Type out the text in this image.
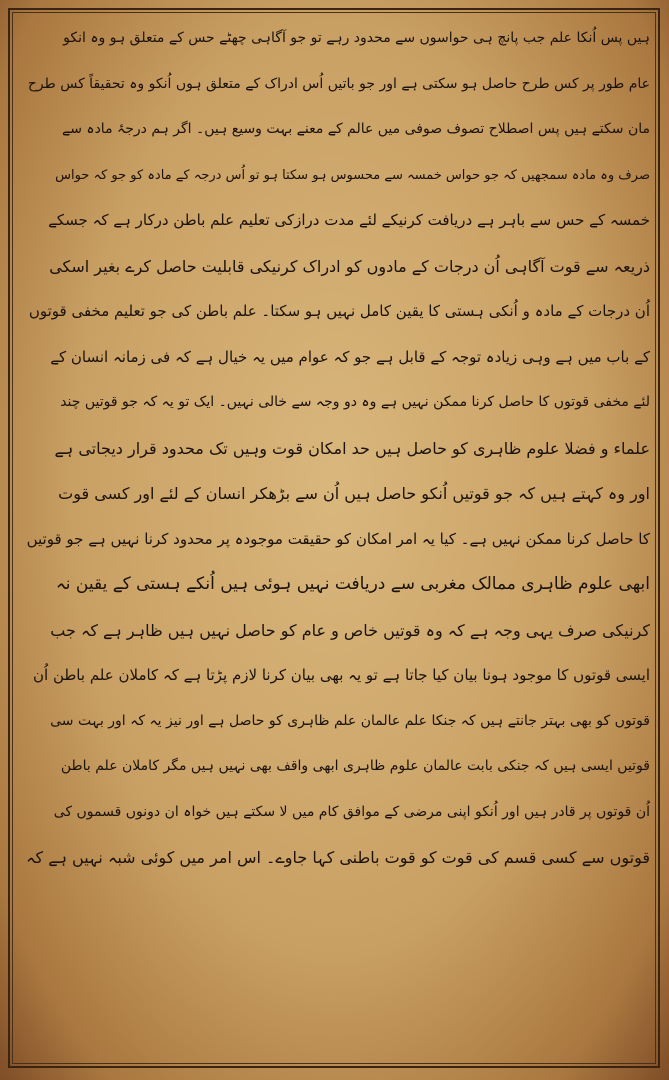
ہیں پس اُنکا علم جب پانچ ہی حواسوں سے محدود رہے تو جو آگاہی چھٹے حس کے متعلق ہو وہ انکو
عام طور پر کس طرح حاصل ہو سکتی ہے اور جو باتیں اُس ادراک کے متعلق ہوں اُنکو وہ تحقیقاً کس طرح
مان سکتے ہیں پس اصطلاح تصوف صوفی میں عالم کے معنے بہت وسیع ہیں۔ اگر ہم درجۂ مادہ سے
صرف وہ مادہ سمجھیں کہ جو حواس خمسہ سے محسوس ہو سکتا ہو تو اُس درجہ کے مادہ کو جو کہ حواس
خمسہ کے حس سے باہر ہے دریافت کرنیکے لئے مدت درازکی تعلیم علم باطن درکار ہے کہ جسکے
ذریعہ سے قوت آگاہی اُن درجات کے مادوں کو ادراک کرنیکی قابلیت حاصل کرے بغیر اسکی
اُن درجات کے مادہ و اُنکی ہستی کا یقین کامل نہیں ہو سکتا۔ علم باطن کی جو تعلیم مخفی قوتوں
کے باب میں ہے وہی زیادہ توجہ کے قابل ہے جو کہ عوام میں یہ خیال ہے کہ فی زمانہ انسان کے
لئے مخفی قوتوں کا حاصل کرنا ممکن نہیں ہے وہ دو وجہ سے خالی نہیں۔ ایک تو یہ کہ جو قوتیں چند
علماء و فضلا علوم ظاہری کو حاصل ہیں حد امکان قوت وہیں تک محدود قرار دیجاتی ہے
اور وہ کہتے ہیں کہ جو قوتیں اُنکو حاصل ہیں اُن سے بڑھکر انسان کے لئے اور کسی قوت
کا حاصل کرنا ممکن نہیں ہے۔ کیا یہ امر امکان کو حقیقت موجودہ پر محدود کرنا نہیں ہے جو قوتیں
ابھی علوم ظاہری ممالک مغربی سے دریافت نہیں ہوئی ہیں اُنکے ہستی کے یقین نہ
کرنیکی صرف یہی وجہ ہے کہ وہ قوتیں خاص و عام کو حاصل نہیں ہیں ظاہر ہے کہ جب
ایسی قوتوں کا موجود ہونا بیان کیا جاتا ہے تو یہ بھی بیان کرنا لازم پڑتا ہے کہ کاملان علم باطن اُن
قوتوں کو بھی بہتر جانتے ہیں کہ جنکا علم عالمان علم ظاہری کو حاصل ہے اور نیز یہ کہ اور بہت سی
قوتیں ایسی ہیں کہ جنکی بابت عالمان علوم ظاہری ابھی واقف بھی نہیں ہیں مگر کاملان علم باطن
اُن قوتوں پر قادر ہیں اور اُنکو اپنی مرضی کے موافق کام میں لا سکتے ہیں خواہ ان دونوں قسموں کی
قوتوں سے کسی قسم کی قوت کو قوت باطنی کہا جاوے۔ اس امر میں کوئی شبہ نہیں ہے کہ
